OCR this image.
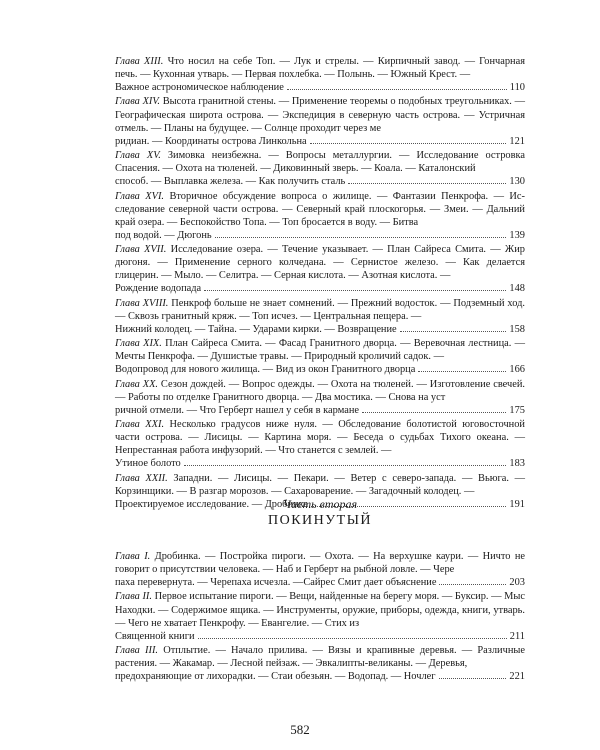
Глава XIII. Что носил на себе Топ. — Лук и стрелы. — Кирпичный завод. — Гончарная печь. — Кухонная утварь. — Первая похлебка. — Полынь. — Южный Крест. —
Важное астрономическое наблюдение	110
Глава XIV. Высота гранитной стены. — Применение теоремы о подобных треугольниках. — Географическая широта острова. — Экспедиция в северную часть острова. — Устричная отмель. — Планы на будущее. — Солнце проходит через ме
ридиан. — Координаты острова Линкольна	121
Глава XV. Зимовка неизбежна. — Вопросы металлургии. — Исследование островка Спасения. — Охота на тюленей. — Диковинный зверь. — Коала. — Каталонский
способ. — Выплавка железа. — Как получить сталь	130
Глава XVI. Вторичное обсуждение вопроса о жилище. — Фантазии Пенкрофа. — Исследование северной части острова. — Северный край плоскогорья. — Змеи. — Дальний край озера. — Беспокойство Топа. — Топ бросается в воду. — Битва
под водой. — Дюгонь	139
Глава XVII. Исследование озера. — Течение указывает. — План Сайреса Смита. — Жир дюгоня. — Применение серного колчедана. — Сернистое железо. — Как делается глицерин. — Мыло. — Селитра. — Серная кислота. — Азотная кислота. —
Рождение водопада	148
Глава XVIII. Пенкроф больше не знает сомнений. — Прежний водосток. — Подземный ход. — Сквозь гранитный кряж. — Топ исчез. — Центральная пещера. —
Нижний колодец. — Тайна. — Ударами кирки. — Возвращение	158
Глава XIX. План Сайреса Смита. — Фасад Гранитного дворца. — Веревочная лестница. — Мечты Пенкрофа. — Душистые травы. — Природный кроличий садок. —
Водопровод для нового жилища. — Вид из окон Гранитного дворца	166
Глава XX. Сезон дождей. — Вопрос одежды. — Охота на тюленей. — Изготовление свечей. — Работы по отделке Гранитного дворца. — Два мостика. — Снова на уст
ричной отмели. — Что Герберт нашел у себя в кармане	175
Глава XXI. Несколько градусов ниже нуля. — Обследование болотистой юговосточной части острова. — Лисицы. — Картина моря. — Беседа о судьбах Тихого океана. — Непрестанная работа инфузорий. — Что станется с землей. —
Утиное болото	183
Глава XXII. Западни. — Лисицы. — Пекари. — Ветер с северо-запада. — Вьюга. — Корзинщики. — В разгар морозов. — Сахароварение. — Загадочный колодец. —
Проектируемое исследование. — Дробинка	191
Часть вторая
ПОКИНУТЫЙ
Глава I. Дробинка. — Постройка пироги. — Охота. — На верхушке каури. — Ничто не говорит о присутствии человека. — Наб и Герберт на рыбной ловле. — Чере
паха перевернута. — Черепаха исчезла. —Сайрес Смит дает объяснение	203
Глава II. Первое испытание пироги. — Вещи, найденные на берегу моря. — Буксир. — Мыс Находки. — Содержимое ящика. — Инструменты, оружие, приборы, одежда, книги, утварь. — Чего не хватает Пенкрофу. — Евангелие. — Стих из
Священной книги	211
Глава III. Отплытие. — Начало прилива. — Вязы и крапивные деревья. — Различные растения. — Жакамар. — Лесной пейзаж. — Эвкалипты-великаны. — Деревья,
предохраняющие от лихорадки. — Стаи обезьян. — Водопад. — Ночлег	221
582
